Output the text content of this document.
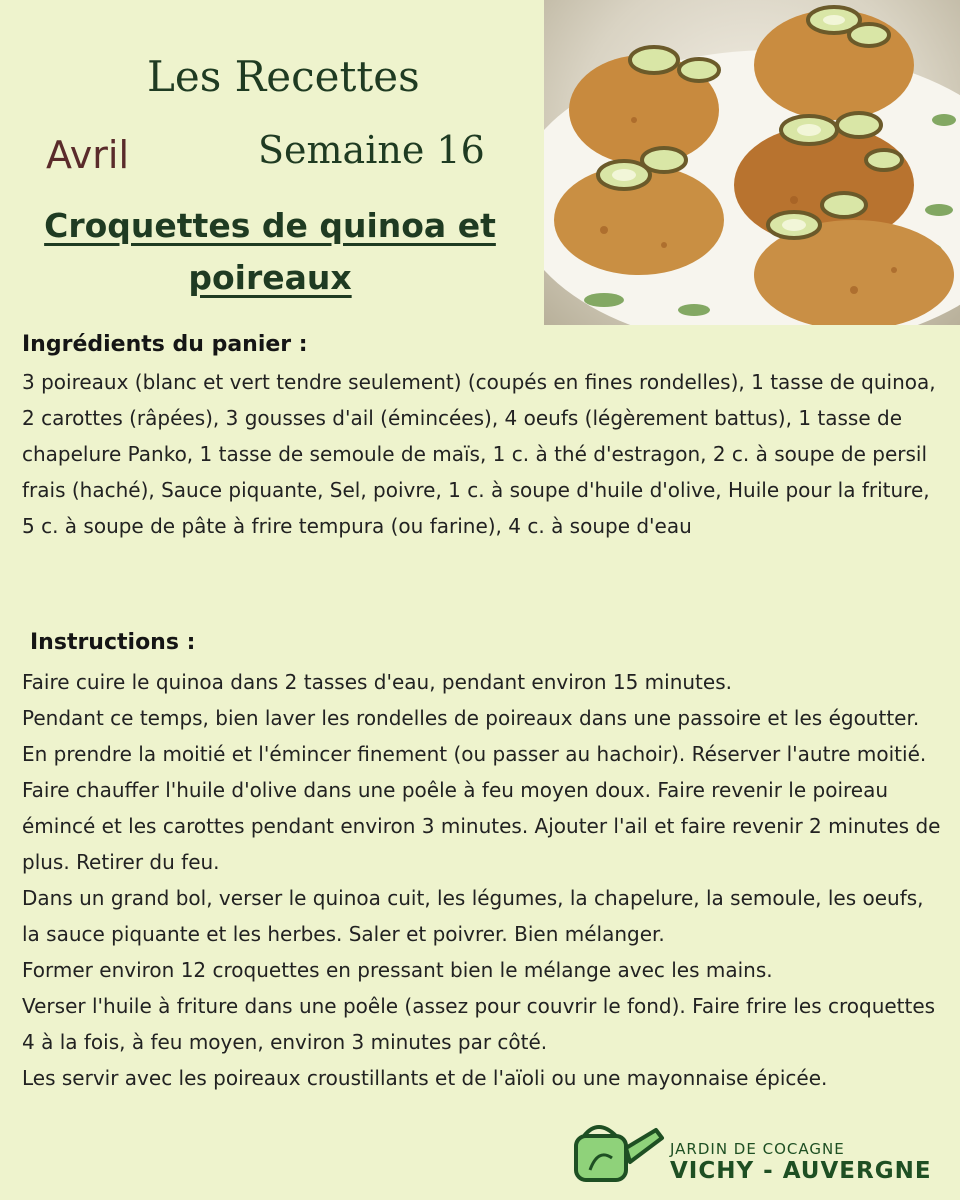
Les Recettes
Avril	Semaine 16
Croquettes de quinoa et poireaux
Ingrédients du panier :
3 poireaux (blanc et vert tendre seulement) (coupés en fines rondelles), 1 tasse de quinoa, 2 carottes (râpées), 3 gousses d'ail (émincées), 4 oeufs (légèrement battus), 1 tasse de chapelure Panko, 1 tasse de semoule de maïs, 1 c. à thé d'estragon, 2 c. à soupe de persil frais (haché), Sauce piquante, Sel, poivre, 1 c. à soupe d'huile d'olive, Huile pour la friture, 5 c. à soupe de pâte à frire tempura (ou farine), 4 c. à soupe d'eau
Instructions :

Faire cuire le quinoa dans 2 tasses d'eau, pendant environ 15 minutes.

Pendant ce temps, bien laver les rondelles de poireaux dans une passoire et les égoutter. En prendre la moitié et l'émincer finement (ou passer au hachoir). Réserver l'autre moitié.

Faire chauffer l'huile d'olive dans une poêle à feu moyen doux. Faire revenir le poireau émincé et les carottes pendant environ 3 minutes. Ajouter l'ail et faire revenir 2 minutes de plus. Retirer du feu.

Dans un grand bol, verser le quinoa cuit, les légumes, la chapelure, la semoule, les oeufs, la sauce piquante et les herbes. Saler et poivrer. Bien mélanger.

Former environ 12 croquettes en pressant bien le mélange avec les mains.

Verser l'huile à friture dans une poêle (assez pour couvrir le fond). Faire frire les croquettes 4 à la fois, à feu moyen, environ 3 minutes par côté.

Les servir avec les poireaux croustillants et de l'aïoli ou une mayonnaise épicée.

JARDIN DE COCAGNE
VICHY - AUVERGNE
